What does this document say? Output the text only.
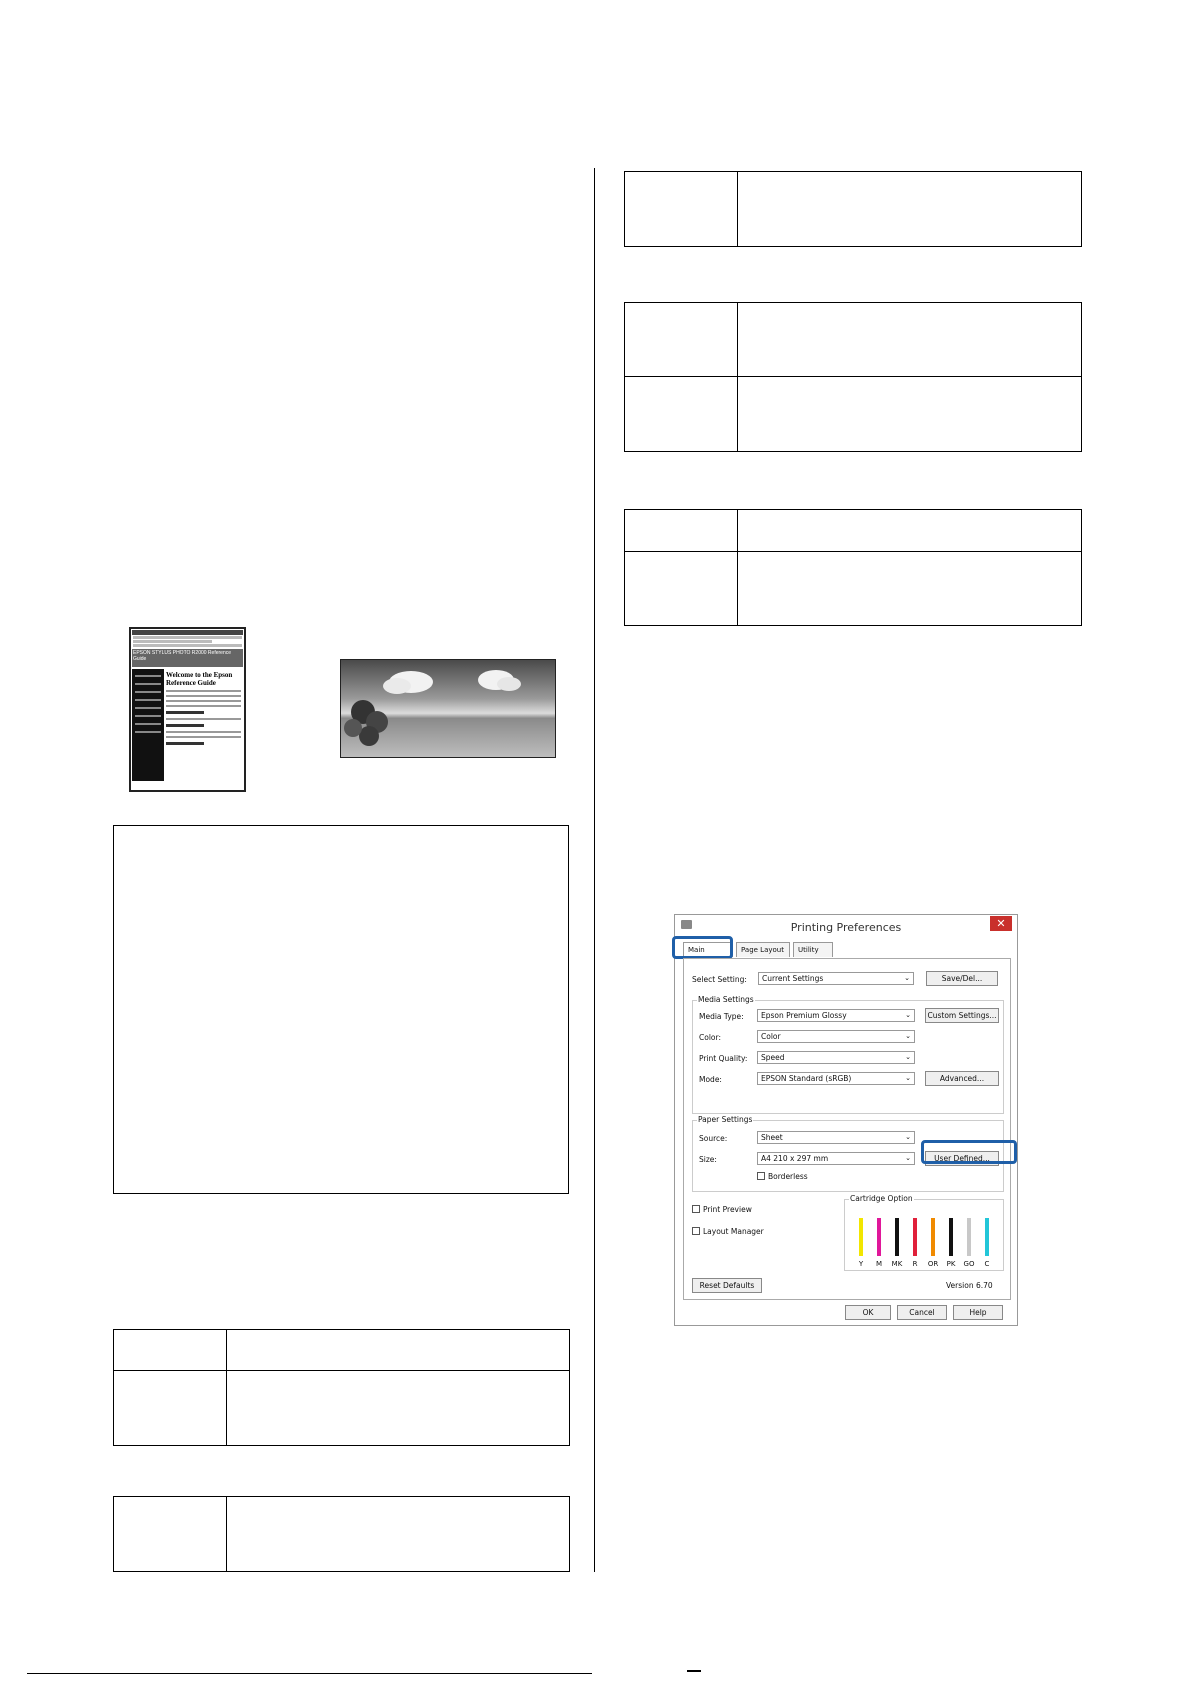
EPSON STYLUS PHOTO R2000 Reference Guide
Welcome to the Epson Reference Guide
Printing Preferences	✕
Main	Page Layout	Utility
Select Setting:	Current Settings	⌄	Save/Del...
Media Settings
Media Type:	Epson Premium Glossy	⌄	Custom Settings...
Color:	Color	⌄
Print Quality:	Speed	⌄
Mode:	EPSON Standard (sRGB)	⌄	Advanced...
Paper Settings
Source:	Sheet	⌄
Size:	A4 210 x 297 mm	⌄	User Defined...
Borderless
Print Preview
Layout Manager
Cartridge Option
Y	M	MK	R	OR	PK	GO	C
Reset Defaults	Version 6.70
OK	Cancel	Help
